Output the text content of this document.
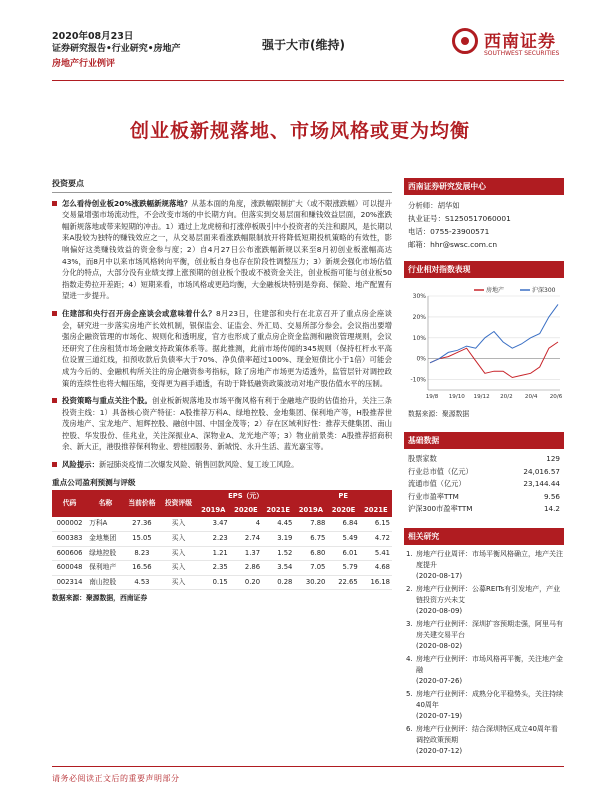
2020年08月23日
证券研究报告•行业研究•房地产
房地产行业例评
强于大市(维持)	西南证券
SOUTHWEST SECURITIES
创业板新规落地、市场风格或更为均衡
投资要点
怎么看待创业板20%涨跌幅新规落地？从基本面的角度，涨跌幅限制扩大（或不限涨跌幅）可以提升交易量增强市场流动性，不会改变市场的中长期方向。但落实到交易层面和赚钱效益层面，20%涨跌幅新规落地或带来短期的冲击。1）通过上龙虎榜和打涨停板吸引中小投资者的关注和跟风，是长期以来A股较为独特的赚钱效应之一，从交易层面来看涨跌幅限制放开将降低短期投机策略的有效性，影响偏好这类赚钱效益的资金参与度；2）自4月27日公布涨跌幅新规以来至8月初创业板涨幅高达43%，而8月中以来市场风格转向平衡，创业板自身也存在阶段性调整压力；3）新规会强化市场估值分化的特点，大部分没有业绩支撑上涨预期的创业板个股或不被资金关注，创业板指可能与创业板50指数走势拉开差距；4）短期来看，市场风格或更趋均衡，大金融板块特别是券商、保险、地产配置有望进一步提升。
住建部和央行召开房企座谈会或意味着什么？8月23日，住建部和央行在北京召开了重点房企座谈会，研究进一步落实房地产长效机制，银保监会、证监会、外汇局、交易所部分参会。会议指出要增强房企融资管理的市场化、规则化和透明度，官方也形成了重点房企资金监测和融资管理规则，会议还研究了住房租赁市场金融支持政策体系等。据此推测，此前市场传闻的345规则（保持杠杆水平高位设置三道红线，扣预收款后负债率大于70%、净负债率超过100%、现金短债比小于1倍）可能会成为今后的、金融机构所关注的房企融资参考指标，除了房地产市场更为适透外，监管层针对调控政策的连续性也将大幅压缩，变得更为画手通透，有助于降低融资政策波动对地产股估值水平的压制。
投资策略与重点关注个股。创业板新规落地及市场平衡风格有利于金融地产股的估值抬升，关注三条投资主线：1）具备核心资产特征：A股推荐万科A、绿地控股、金地集团、保利地产等，H股推荐世茂房地产、宝龙地产、旭辉控股、融创中国、中国金茂等；2）存在区域利好性：推荐天健集团、南山控股、华发股份、佳兆业，关注深振业A、深物业A、龙光地产等；3）物业前景类：A股推荐招商积余、新大正，港股推荐保利物业、碧桂园服务、新城悦、永升生活、蓝光嘉宝等。
风险提示：新冠肺炎疫情二次爆发风险、销售回款风险、复工竣工风险。
重点公司盈利预测与评级
代码	名称	当前价格	投资评级	EPS（元）			PE		
				2019A	2020E	2021E	2019A	2020E	2021E
000002	万科A	27.36	买入	3.47	4	4.45	7.88	6.84	6.15
600383	金地集团	15.05	买入	2.23	2.74	3.19	6.75	5.49	4.72
600606	绿地控股	8.23	买入	1.21	1.37	1.52	6.80	6.01	5.41
600048	保利地产	16.56	买入	2.35	2.86	3.54	7.05	5.79	4.68
002314	南山控股	4.53	买入	0.15	0.20	0.28	30.20	22.65	16.18
数据来源：聚源数据，西南证券
西南证券研究发展中心
分析师：胡华如
执业证号：S1250517060001
电话：0755-23900571
邮箱：hhr@swsc.com.cn
行业相对指数表现
30%
20%
10%
0%
-10%
19/8 19/10 19/12 20/2 20/4 20/6
房地产	沪深300
数据来源：聚源数据
基础数据
股票家数	129
行业总市值（亿元）	24,016.57
流通市值（亿元）	23,144.44
行业市盈率TTM	9.56
沪深300市盈率TTM	14.2
相关研究
1. 房地产行业周评：市场平衡风格确立，地产关注度提升
(2020-08-17)
2. 房地产行业例评：公募REITs有引发地产，产业链投资方兴未艾
(2020-08-09)
3. 房地产行业例评：深圳扩容预期走强，阿里马有房关建交易平台
(2020-08-02)
4. 房地产行业例评：市场风格再平衡，关注地产金融
(2020-07-26)
5. 房地产行业例评：成熟分化平稳势头，关注持续40周年
(2020-07-19)
6. 房地产行业例评：结合深圳特区成立40周年看调控政策预期
(2020-07-12)
请务必阅读正文后的重要声明部分
